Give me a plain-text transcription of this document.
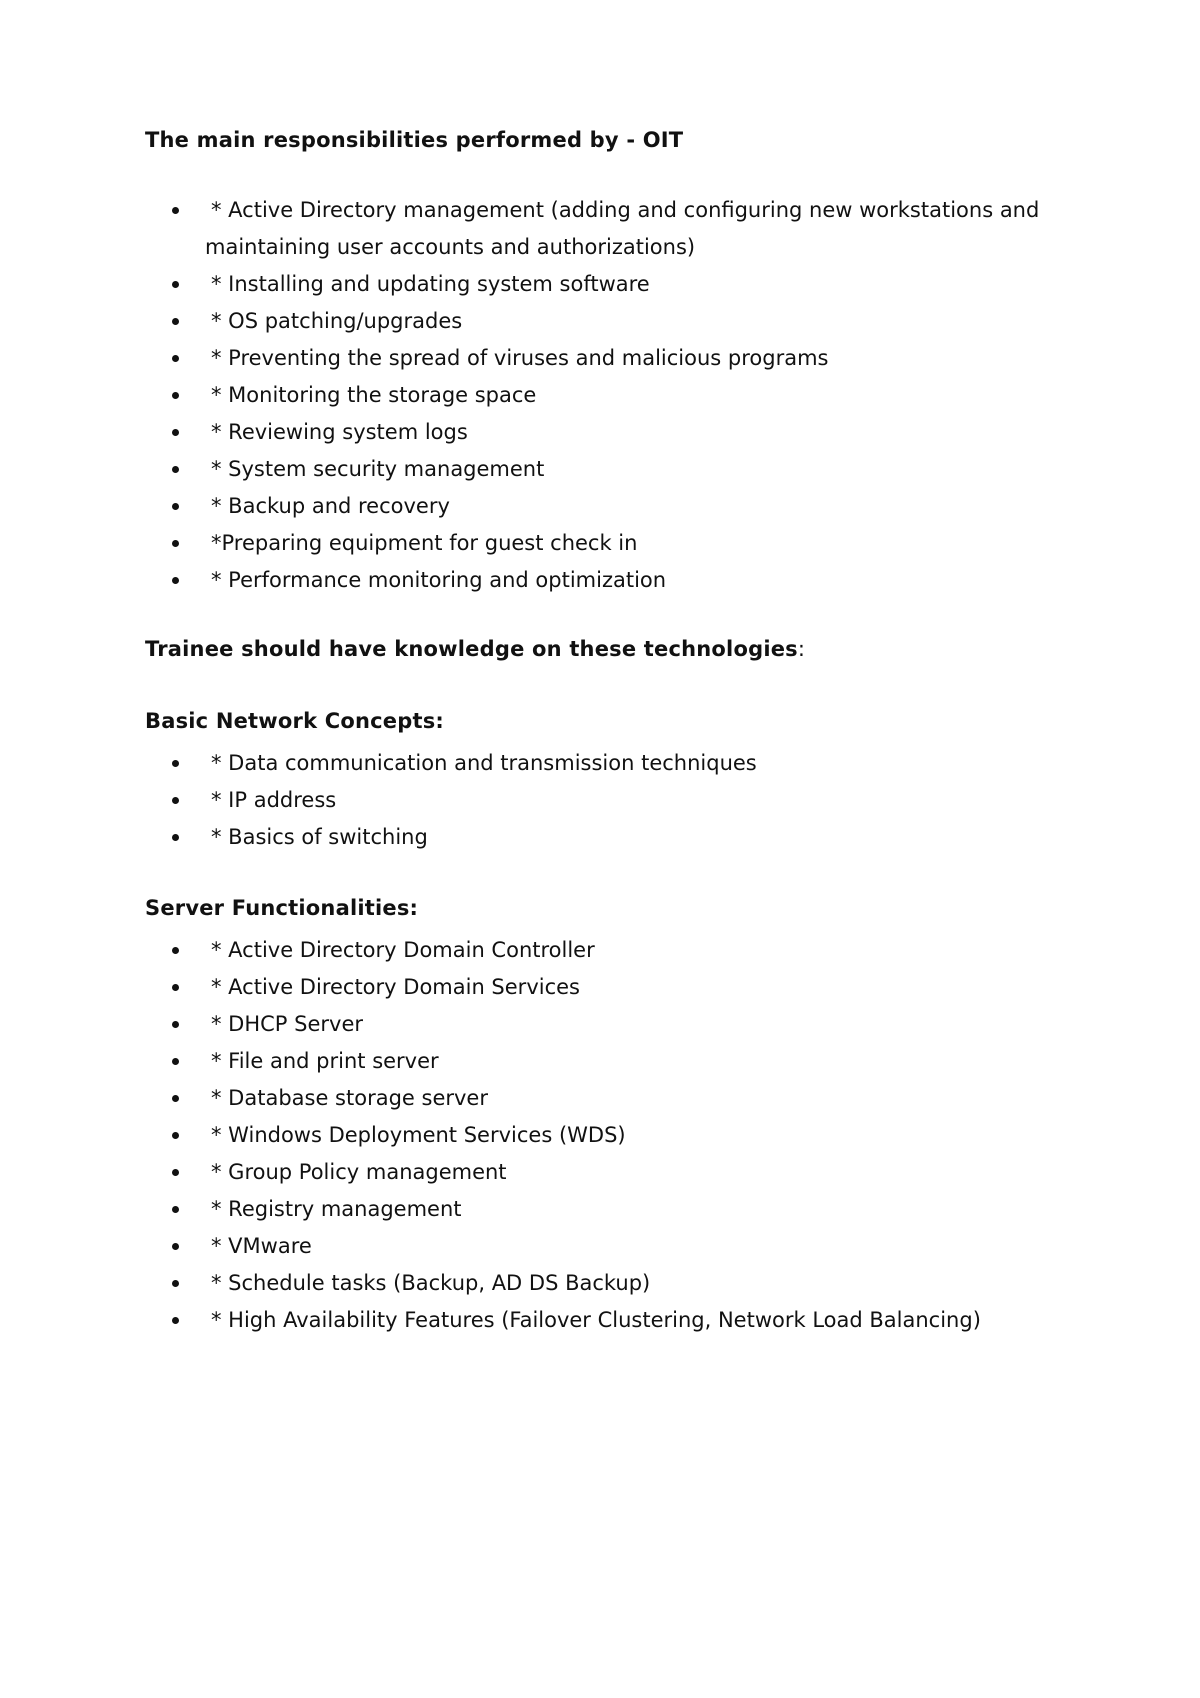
The main responsibilities performed by - OIT

* Active Directory management (adding and configuring new workstations and
maintaining user accounts and authorizations)
* Installing and updating system software
* OS patching/upgrades
* Preventing the spread of viruses and malicious programs
* Monitoring the storage space
* Reviewing system logs
* System security management
* Backup and recovery
*Preparing equipment for guest check in
* Performance monitoring and optimization

Trainee should have knowledge on these technologies:

Basic Network Concepts:

* Data communication and transmission techniques
* IP address
* Basics of switching

Server Functionalities:

* Active Directory Domain Controller
* Active Directory Domain Services
* DHCP Server
* File and print server
* Database storage server
* Windows Deployment Services (WDS)
* Group Policy management
* Registry management
* VMware
* Schedule tasks (Backup, AD DS Backup)
* High Availability Features (Failover Clustering, Network Load Balancing)
